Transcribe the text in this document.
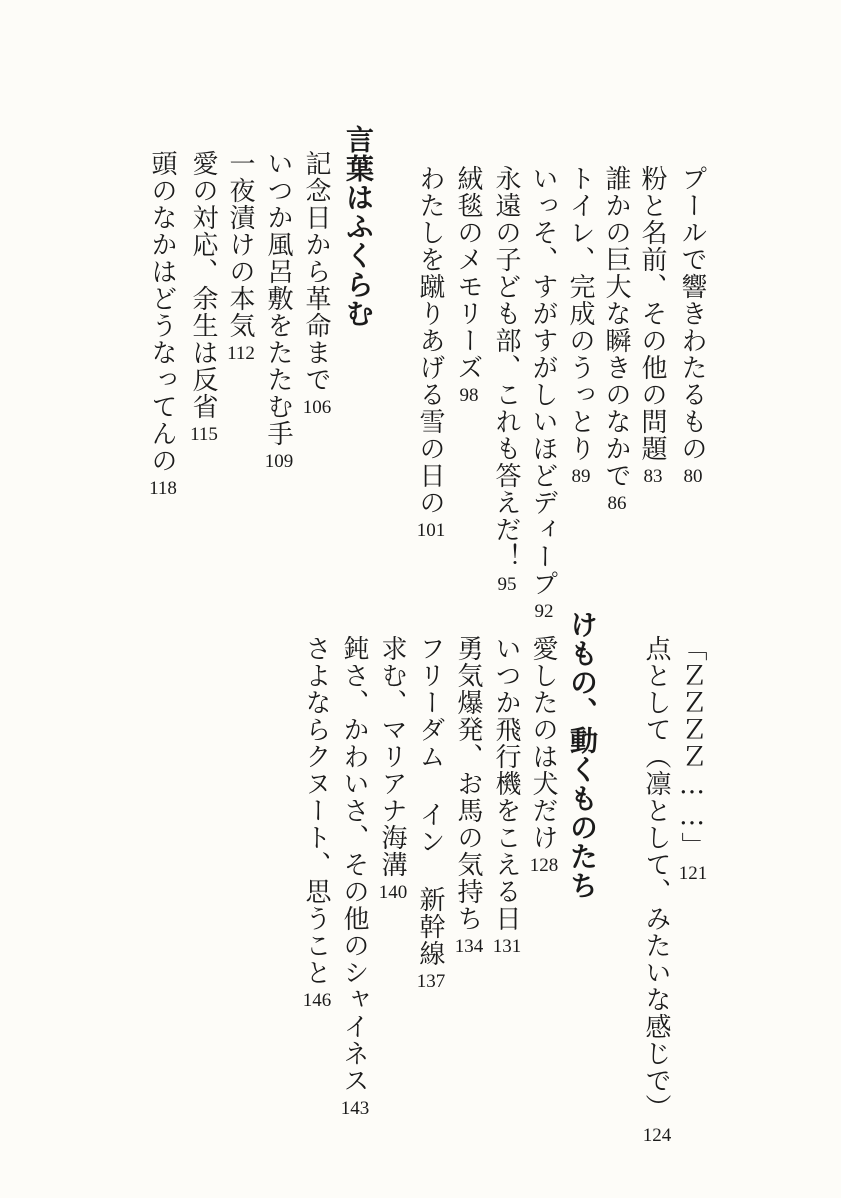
プールで響きわたるもの
80
粉と名前、その他の問題
83
誰かの巨大な瞬きのなかで
86
トイレ、完成のうっとり
89
いっそ、すがすがしいほどディープ
92
永遠の子ども部、これも答えだ！
95
絨毯のメモリーズ
98
わたしを蹴りあげる雪の日の
101
言葉はふくらむ
記念日から革命まで
106
いつか風呂敷をたたむ手
109
一夜漬けの本気
112
愛の対応、余生は反省
115
頭のなかはどうなってんの
118
「ＺＺＺＺ……」
121
点として（凛として、みたいな感じで）
124
けもの、動くものたち
愛したのは犬だけ
128
いつか飛行機をこえる日
131
勇気爆発、お馬の気持ち
134
フリーダム イン 新幹線
137
求む、マリアナ海溝
140
鈍さ、かわいさ、その他のシャイネス
143
さよならクヌート、思うこと
146
